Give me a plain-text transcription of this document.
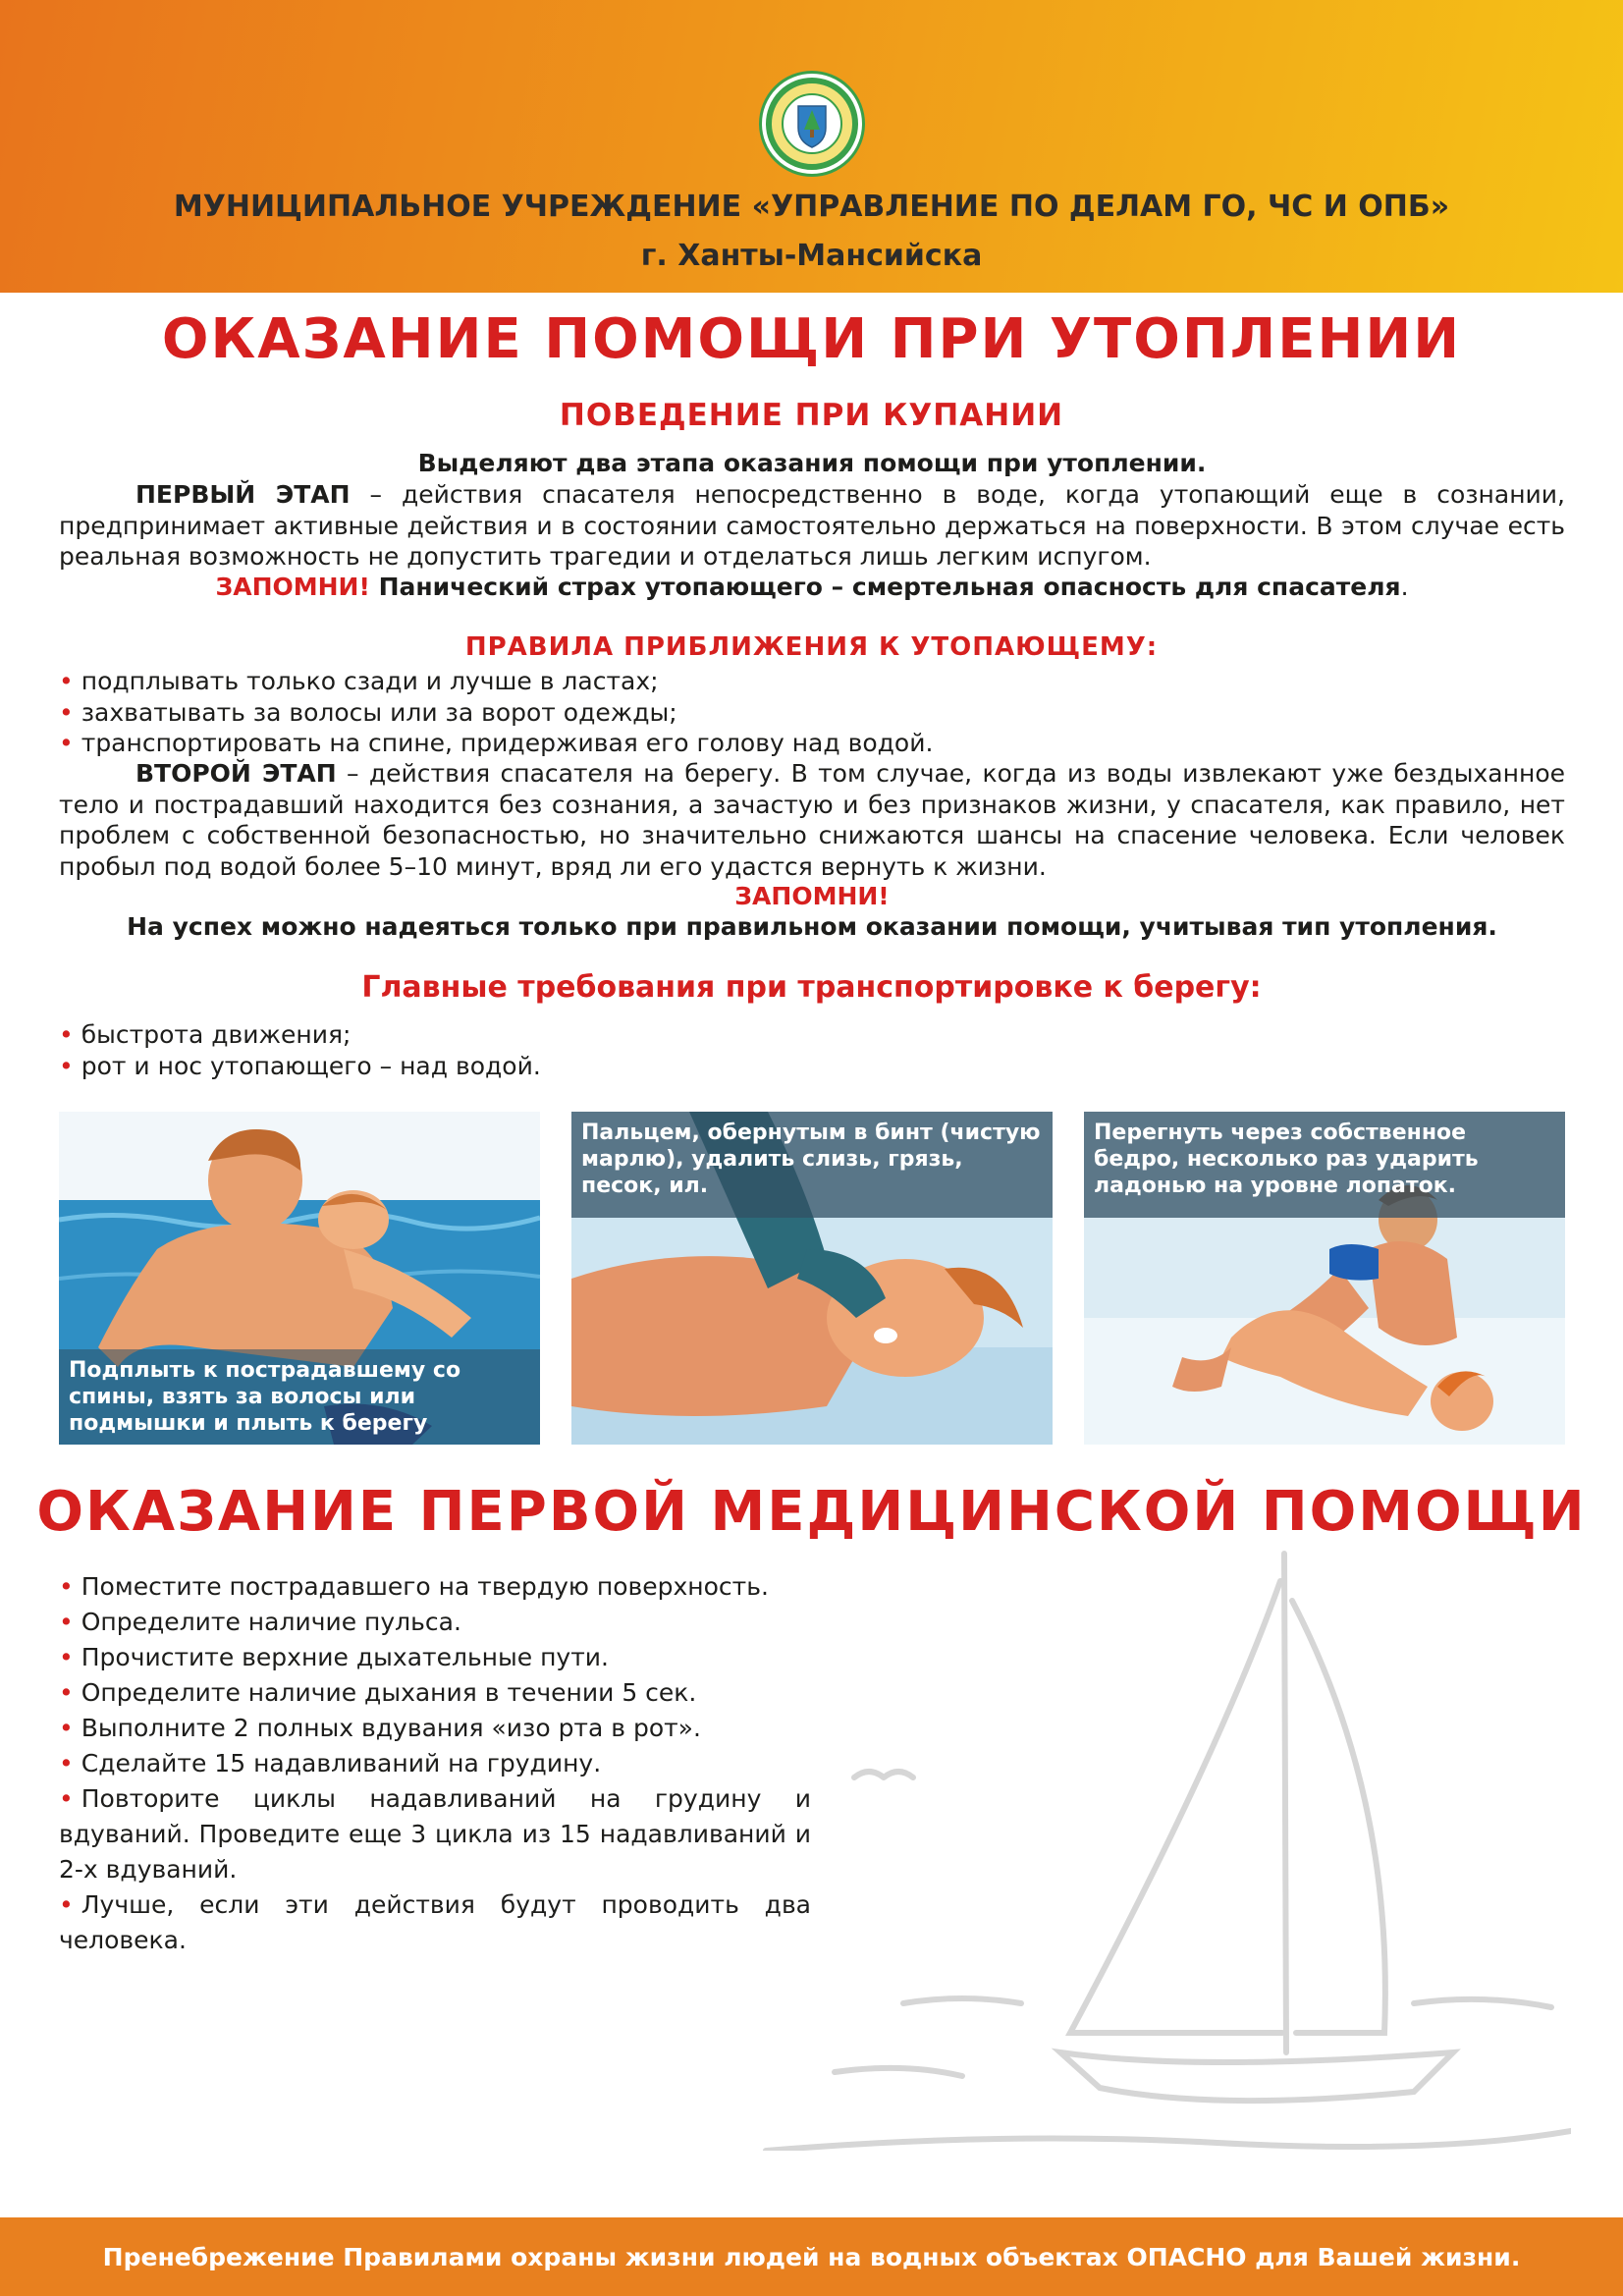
МУНИЦИПАЛЬНОЕ УЧРЕЖДЕНИЕ «УПРАВЛЕНИЕ ПО ДЕЛАМ ГО, ЧС И ОПБ»
г. Ханты-Мансийска
ОКАЗАНИЕ ПОМОЩИ ПРИ УТОПЛЕНИИ
ПОВЕДЕНИЕ ПРИ КУПАНИИ
Выделяют два этапа оказания помощи при утоплении.
ПЕРВЫЙ ЭТАП – действия спасателя непосредственно в воде, когда утопающий еще в сознании, предпринимает активные действия и в состоянии самостоятельно держаться на поверхности. В этом случае есть реальная возможность не допустить трагедии и отделаться лишь легким испугом.
ЗАПОМНИ! Панический страх утопающего – смертельная опасность для спасателя.
ПРАВИЛА ПРИБЛИЖЕНИЯ К УТОПАЮЩЕМУ:
• подплывать только сзади и лучше в ластах;
• захватывать за волосы или за ворот одежды;
• транспортировать на спине, придерживая его голову над водой.
ВТОРОЙ ЭТАП – действия спасателя на берегу. В том случае, когда из воды извлекают уже бездыханное тело и пострадавший находится без сознания, а зачастую и без признаков жизни, у спасателя, как правило, нет проблем с собственной безопасностью, но значительно снижаются шансы на спасение человека. Если человек пробыл под водой более 5–10 минут, вряд ли его удастся вернуть к жизни.
ЗАПОМНИ!
На успех можно надеяться только при правильном оказании помощи, учитывая тип утопления.
Главные требования при транспортировке к берегу:
• быстрота движения;
• рот и нос утопающего – над водой.
Подплыть к пострадавшему со спины, взять за волосы или подмышки и плыть к берегу
Пальцем, обернутым в бинт (чистую марлю), удалить слизь, грязь, песок, ил.
Перегнуть через собственное бедро, несколько раз ударить ладонью на уровне лопаток.
ОКАЗАНИЕ ПЕРВОЙ МЕДИЦИНСКОЙ ПОМОЩИ
• Поместите пострадавшего на твердую поверхность.
• Определите наличие пульса.
• Прочистите верхние дыхательные пути.
• Определите наличие дыхания в течении 5 сек.
• Выполните 2 полных вдувания «изо рта в рот».
• Сделайте 15 надавливаний на грудину.
• Повторите циклы надавливаний на грудину и вдуваний. Проведите еще 3 цикла из 15 надавливаний и 2-х вдуваний.
• Лучше, если эти действия будут проводить два человека.
Пренебрежение Правилами охраны жизни людей на водных объектах ОПАСНО для Вашей жизни.
